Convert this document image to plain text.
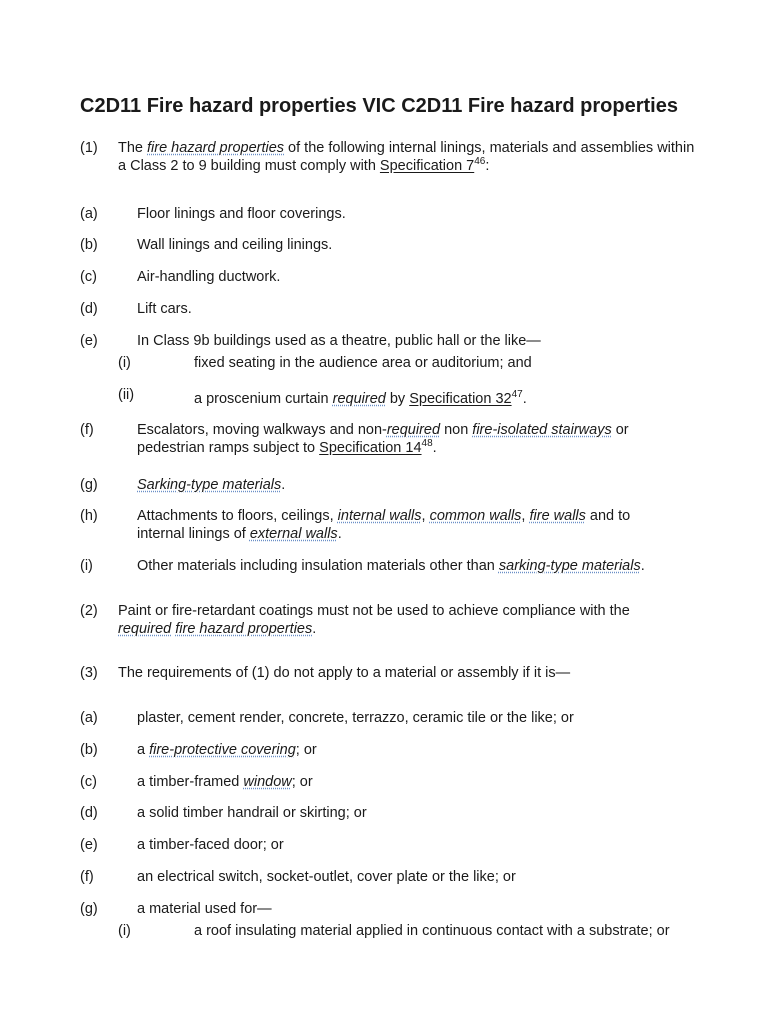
C2D11 Fire hazard properties VIC C2D11 Fire hazard properties
(1) The fire hazard properties of the following internal linings, materials and assemblies within a Class 2 to 9 building must comply with Specification $7^{46}$:
(a)	Floor linings and floor coverings.
(b)	Wall linings and ceiling linings.
(c)	Air-handling ductwork.
(d)	Lift cars.
(e)	In Class 9b buildings used as a theatre, public hall or the like—
(i)	fixed seating in the audience area or auditorium; and
(ii)	a proscenium curtain required by Specification $32^{47}$.
(f)	Escalators, moving walkways and non-required non fire-isolated stairways or pedestrian ramps subject to Specification $14^{48}$.
(g)	Sarking-type materials.
(h)	Attachments to floors, ceilings, internal walls, common walls, fire walls and to internal linings of external walls.
(i)	Other materials including insulation materials other than sarking-type materials.
(2) Paint or fire-retardant coatings must not be used to achieve compliance with the required fire hazard properties.
(3) The requirements of (1) do not apply to a material or assembly if it is—
(a)	plaster, cement render, concrete, terrazzo, ceramic tile or the like; or
(b)	a fire-protective covering; or
(c)	a timber-framed window; or
(d)	a solid timber handrail or skirting; or
(e)	a timber-faced door; or
(f)	an electrical switch, socket-outlet, cover plate or the like; or
(g)	a material used for—
(i)	a roof insulating material applied in continuous contact with a substrate; or
